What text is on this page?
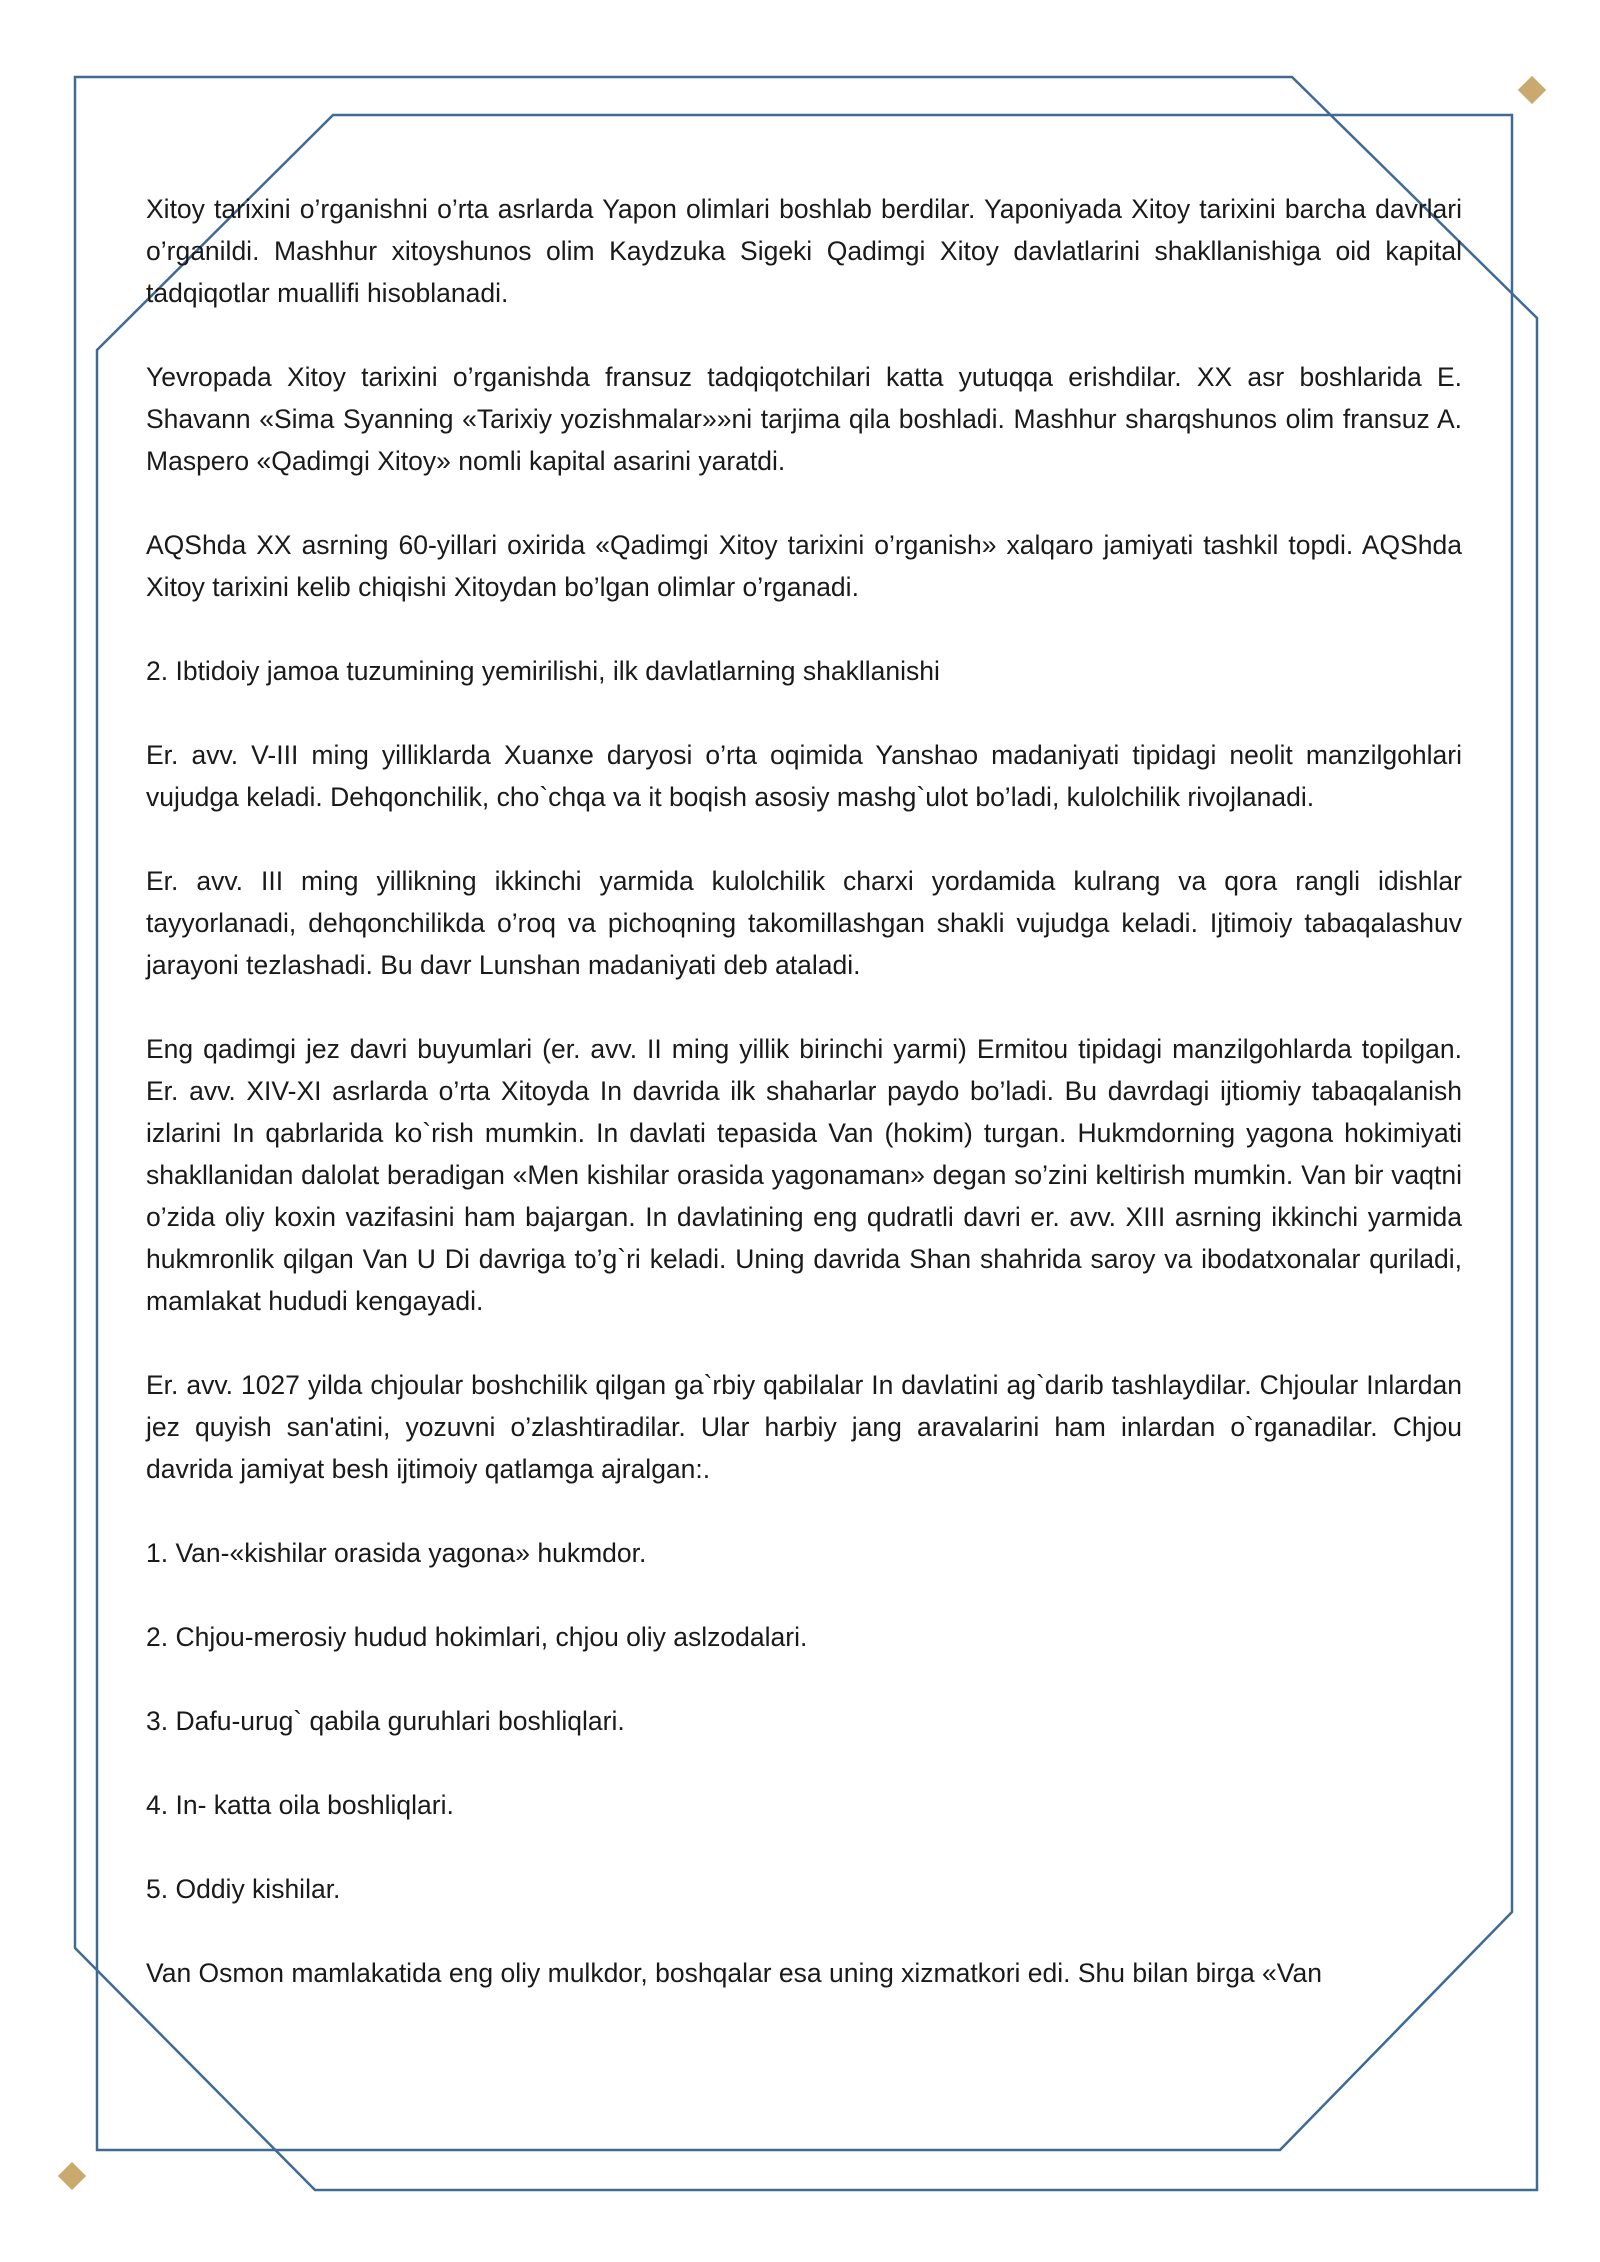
Xitoy tarixini o’rganishni o’rta asrlarda Yapon olimlari boshlab berdilar. Yaponiyada Xitoy tarixini barcha davrlari o’rganildi. Mashhur xitoyshunos olim Kaydzuka Sigeki Qadimgi Xitoy davlatlarini shakllanishiga oid kapital tadqiqotlar muallifi hisoblanadi.

Yevropada Xitoy tarixini o’rganishda fransuz tadqiqotchilari katta yutuqqa erishdilar. XX asr boshlarida E. Shavann «Sima Syanning «Tarixiy yozishmalar»»ni tarjima qila boshladi. Mashhur sharqshunos olim fransuz A. Maspero «Qadimgi Xitoy» nomli kapital asarini yaratdi.

AQShda XX asrning 60-yillari oxirida «Qadimgi Xitoy tarixini o’rganish» xalqaro jamiyati tashkil topdi. AQShda Xitoy tarixini kelib chiqishi Xitoydan bo’lgan olimlar o’rganadi.

2. Ibtidoiy jamoa tuzumining yemirilishi, ilk davlatlarning shakllanishi

Er. avv. V-III ming yilliklarda Xuanxe daryosi o’rta oqimida Yanshao madaniyati tipidagi neolit manzilgohlari vujudga keladi. Dehqonchilik, cho`chqa va it boqish asosiy mashg`ulot bo’ladi, kulolchilik rivojlanadi.

Er. avv. III ming yillikning ikkinchi yarmida kulolchilik charxi yordamida kulrang va qora rangli idishlar tayyorlanadi, dehqonchilikda o’roq va pichoqning takomillashgan shakli vujudga keladi. Ijtimoiy tabaqalashuv jarayoni tezlashadi. Bu davr Lunshan madaniyati deb ataladi.

Eng qadimgi jez davri buyumlari (er. avv. II ming yillik birinchi yarmi) Ermitou tipidagi manzilgohlarda topilgan. Er. avv. XIV-XI asrlarda o’rta Xitoyda In davrida ilk shaharlar paydo bo’ladi. Bu davrdagi ijtiomiy tabaqalanish izlarini In qabrlarida ko`rish mumkin. In davlati tepasida Van (hokim) turgan. Hukmdorning yagona hokimiyati shakllanidan dalolat beradigan «Men kishilar orasida yagonaman» degan so’zini keltirish mumkin. Van bir vaqtni o’zida oliy koxin vazifasini ham bajargan. In davlatining eng qudratli davri er. avv. XIII asrning ikkinchi yarmida hukmronlik qilgan Van U Di davriga to’g`ri keladi. Uning davrida Shan shahrida saroy va ibodatxonalar quriladi, mamlakat hududi kengayadi.

Er. avv. 1027 yilda chjoular boshchilik qilgan ga`rbiy qabilalar In davlatini ag`darib tashlaydilar. Chjoular Inlardan jez quyish san'atini, yozuvni o’zlashtiradilar. Ular harbiy jang aravalarini ham inlardan o`rganadilar. Chjou davrida jamiyat besh ijtimoiy qatlamga ajralgan:.

1. Van-«kishilar orasida yagona» hukmdor.

2. Chjou-merosiy hudud hokimlari, chjou oliy aslzodalari.

3. Dafu-urug` qabila guruhlari boshliqlari.

4. In- katta oila boshliqlari.

5. Oddiy kishilar.

Van Osmon mamlakatida eng oliy mulkdor, boshqalar esa uning xizmatkori edi. Shu bilan birga «Van
